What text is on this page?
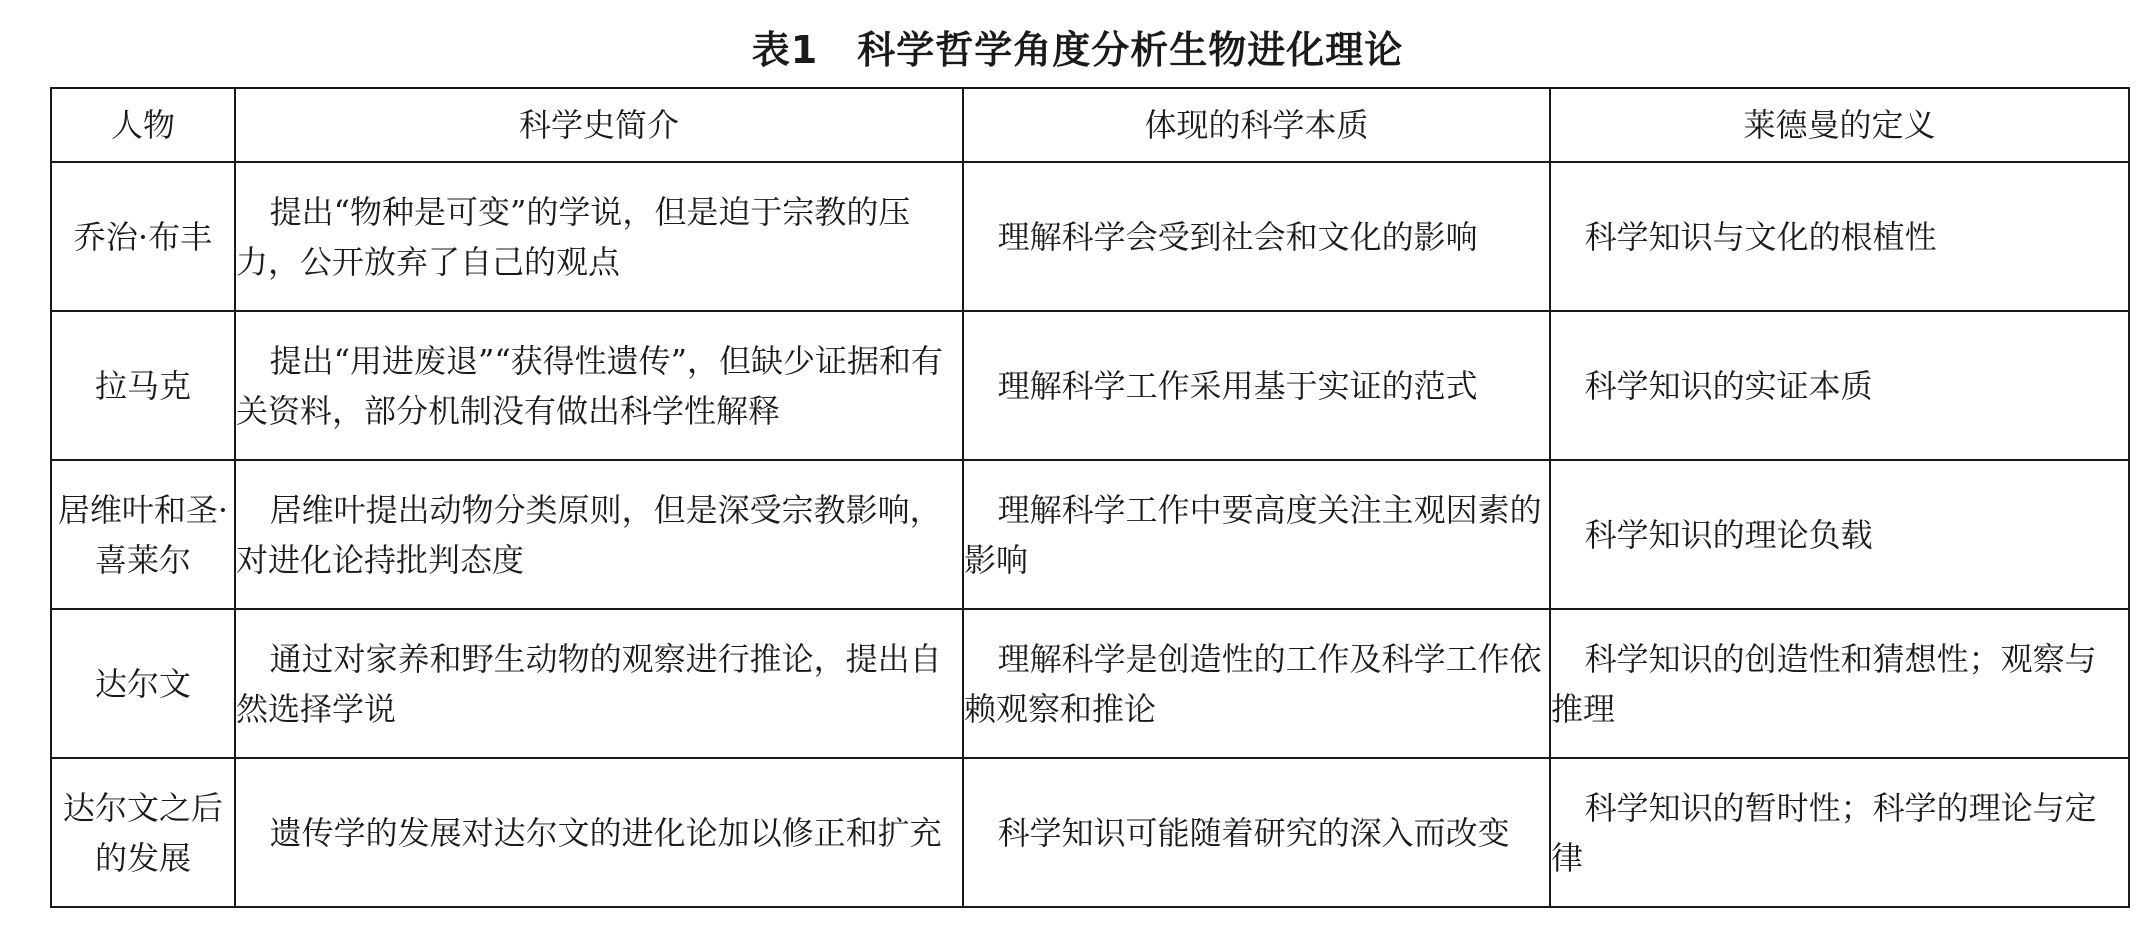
表1　科学哲学角度分析生物进化理论
人物	科学史简介	体现的科学本质	莱德曼的定义
乔治·布丰	提出“物种是可变”的学说，但是迫于宗教的压力，公开放弃了自己的观点	理解科学会受到社会和文化的影响	科学知识与文化的根植性

拉马克	提出“用进废退”“获得性遗传”，但缺少证据和有关资料，部分机制没有做出科学性解释	理解科学工作采用基于实证的范式	科学知识的实证本质

居维叶和圣·喜莱尔	居维叶提出动物分类原则，但是深受宗教影响，对进化论持批判态度	理解科学工作中要高度关注主观因素的影响	科学知识的理论负载

达尔文	通过对家养和野生动物的观察进行推论，提出自然选择学说	理解科学是创造性的工作及科学工作依赖观察和推论	科学知识的创造性和猜想性；观察与推理

达尔文之后的发展	遗传学的发展对达尔文的进化论加以修正和扩充	科学知识可能随着研究的深入而改变	科学知识的暂时性；科学的理论与定律
